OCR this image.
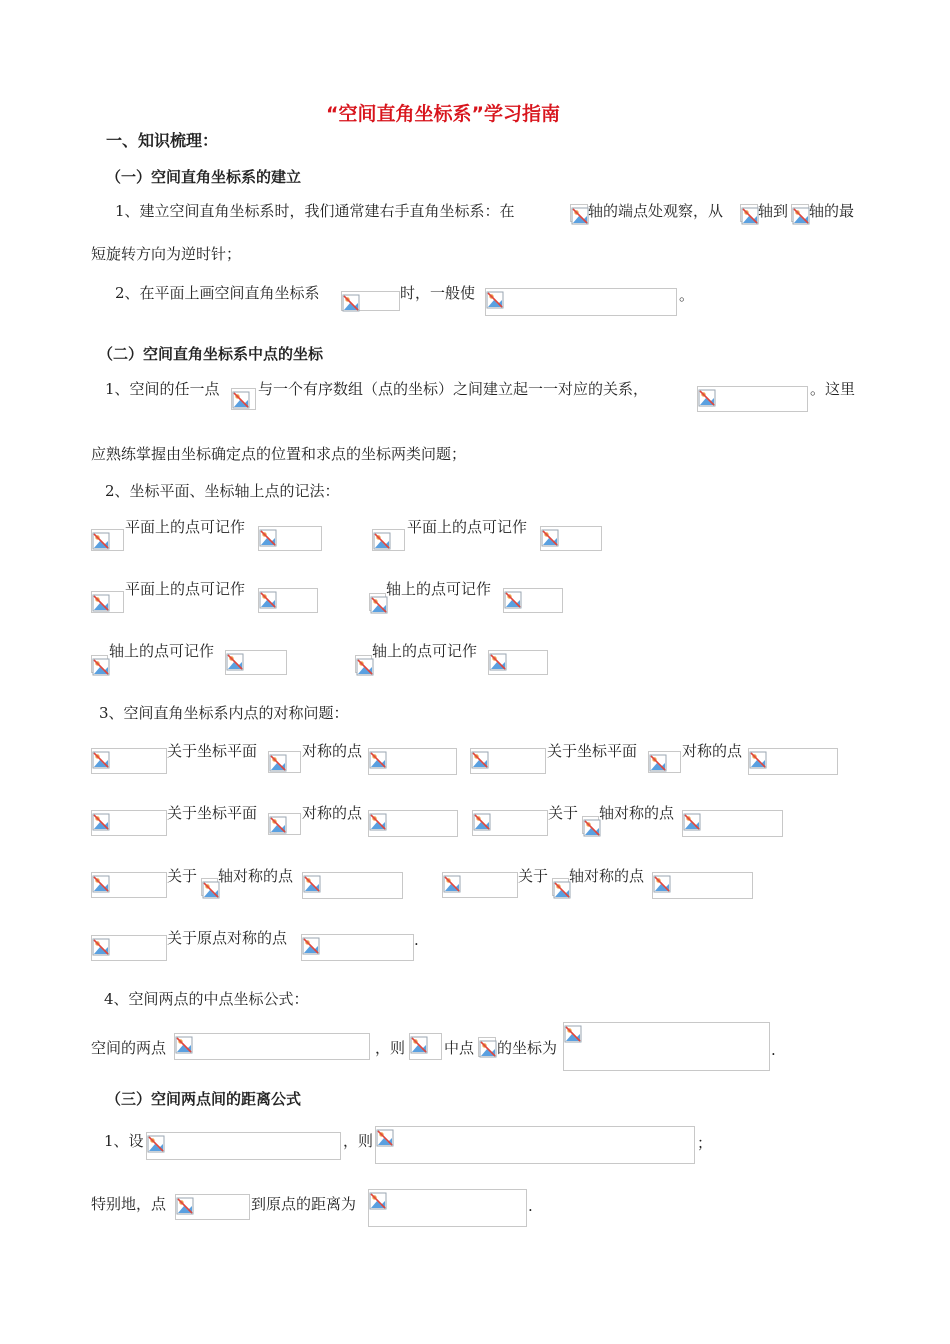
“空间直角坐标系”学习指南
一、知识梳理：
（一）空间直角坐标系的建立
1、建立空间直角坐标系时，我们通常建右手直角坐标系：在	轴的端点处观察，从 轴到 轴的最
短旋转方向为逆时针；
2、在平面上画空间直角坐标系	时，一般使	。
（二）空间直角坐标系中点的坐标
1、空间的任一点	与一个有序数组（点的坐标）之间建立起一一对应的关系，	。这里
应熟练掌握由坐标确定点的位置和求点的坐标两类问题；
2、坐标平面、坐标轴上点的记法：
平面上的点可记作	平面上的点可记作
平面上的点可记作	轴上的点可记作
轴上的点可记作	轴上的点可记作
3、空间直角坐标系内点的对称问题：
关于坐标平面	对称的点	关于坐标平面	对称的点
关于坐标平面	对称的点	关于 轴对称的点
关于 轴对称的点	关于 轴对称的点
关于原点对称的点	.
4、空间两点的中点坐标公式：
空间的两点	，则	中点 的坐标为	.
（三）空间两点间的距离公式
1、设	，则	；
特别地，点	到原点的距离为	.
